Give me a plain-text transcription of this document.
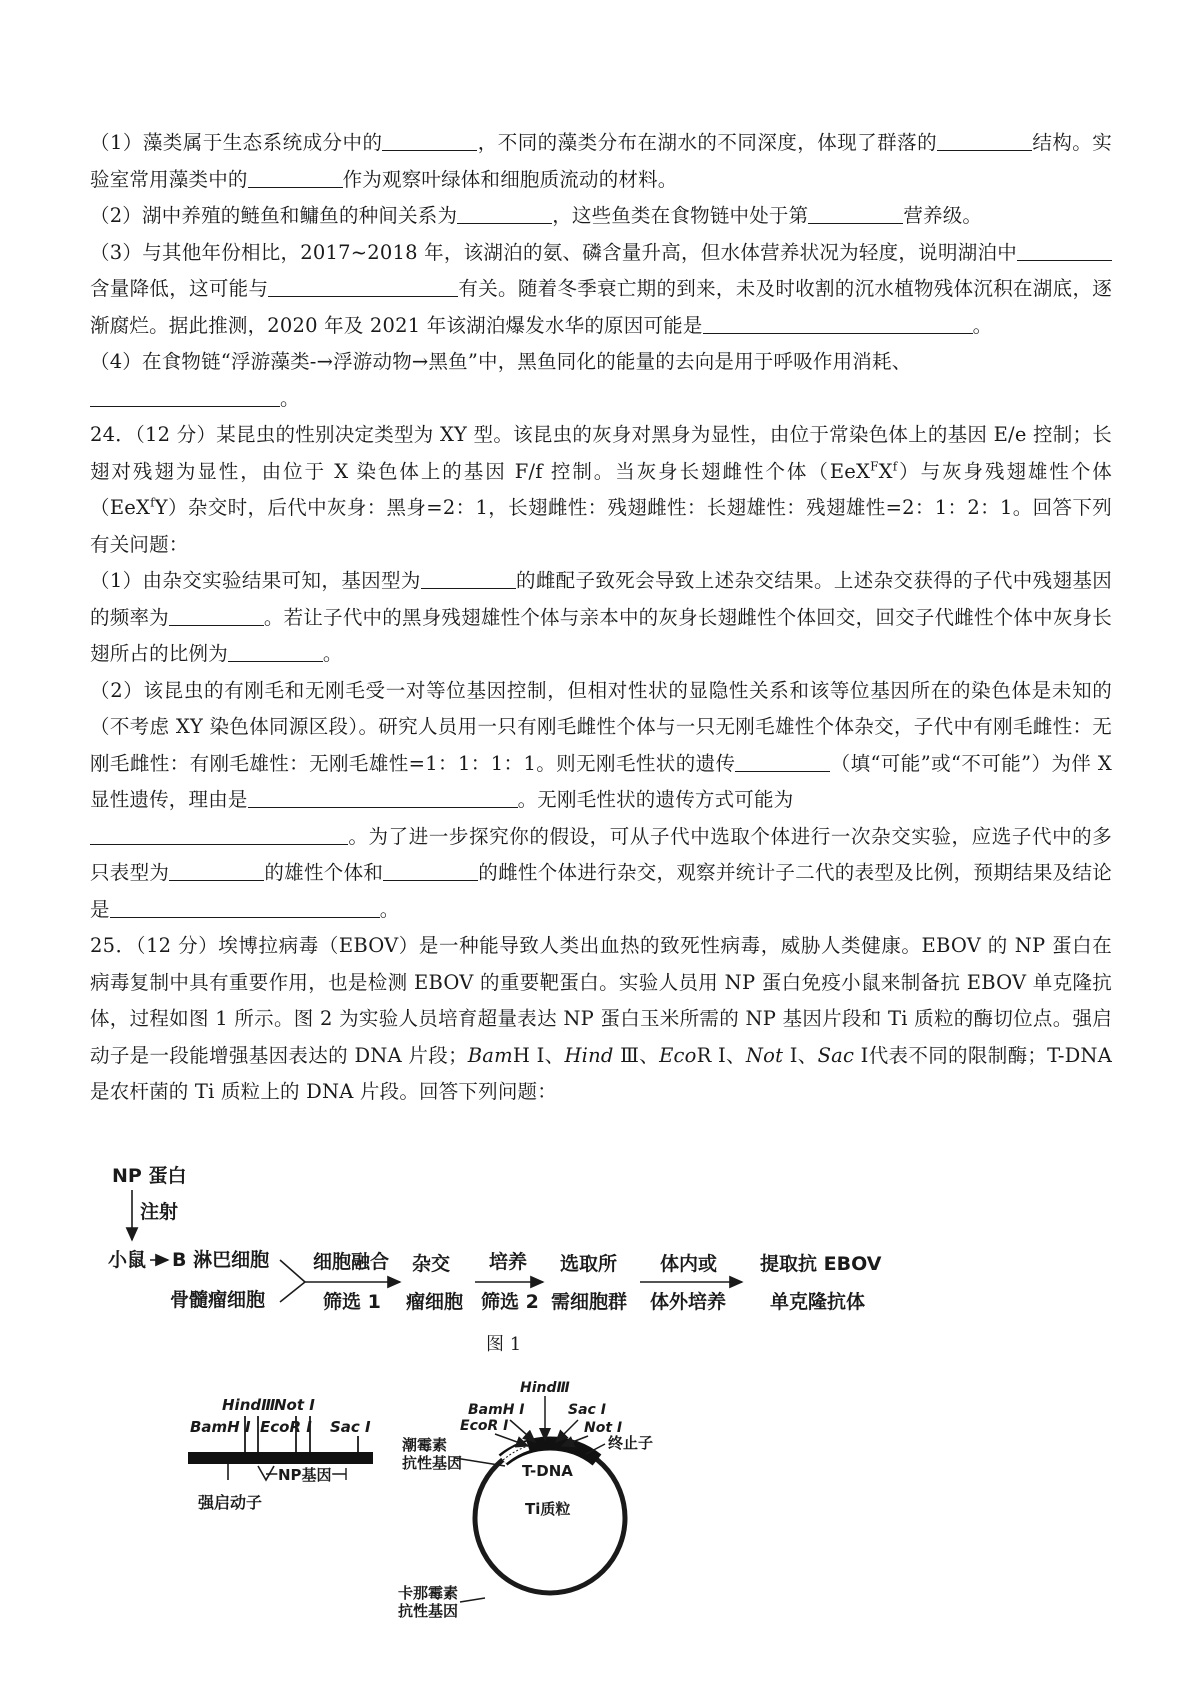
（1）藻类属于生态系统成分中的	，不同的藻类分布在湖水的不同深度，体现了群落的	结构。实验室常用藻类中的	作为观察叶绿体和细胞质流动的材料。

（2）湖中养殖的鲢鱼和鳙鱼的种间关系为	，这些鱼类在食物链中处于第	营养级。

（3）与其他年份相比，2017~2018 年，该湖泊的氨、磷含量升高，但水体营养状况为轻度，说明湖泊中含量降低，这可能与	有关。随着冬季衰亡期的到来，未及时收割的沉水植物残体沉积在湖底，逐渐腐烂。据此推测，2020 年及 2021 年该湖泊爆发水华的原因可能是	。

（4）在食物链“浮游藻类-→浮游动物→黑鱼”中，黑鱼同化的能量的去向是用于呼吸作用消耗、
。

24．（12 分）某昆虫的性别决定类型为 XY 型。该昆虫的灰身对黑身为显性，由位于常染色体上的基因 E/e 控制；长翅对残翅为显性，由位于 X 染色体上的基因 F/f 控制。当灰身长翅雌性个体$(EeX^FX^f)$与灰身残翅雄性个体（EeX$^f$Y）杂交时，后代中灰身：黑身=2：1，长翅雌性：残翅雌性：长翅雄性：残翅雄性=2：1：2：1。回答下列有关问题：

（1）由杂交实验结果可知，基因型为	的雌配子致死会导致上述杂交结果。上述杂交获得的子代中残翅基因的频率为	。若让子代中的黑身残翅雄性个体与亲本中的灰身长翅雌性个体回交，回交子代雌性个体中灰身长翅所占的比例为	。

（2）该昆虫的有刚毛和无刚毛受一对等位基因控制，但相对性状的显隐性关系和该等位基因所在的染色体是未知的（不考虑 XY 染色体同源区段）。研究人员用一只有刚毛雌性个体与一只无刚毛雄性个体杂交，子代中有刚毛雌性：无刚毛雌性：有刚毛雄性：无刚毛雄性=1：1：1：1。则无刚毛性状的遗传	（填“可能”或“不可能”）为伴 X 显性遗传，理由是	。无刚毛性状的遗传方式可能为
。为了进一步探究你的假设，可从子代中选取个体进行一次杂交实验，应选子代中的多只表型为	的雄性个体和	的雌性个体进行杂交，观察并统计子二代的表型及比例，预期结果及结论是	。

25．（12 分）埃博拉病毒（EBOV）是一种能导致人类出血热的致死性病毒，威胁人类健康。EBOV 的 NP 蛋白在病毒复制中具有重要作用，也是检测 EBOV 的重要靶蛋白。实验人员用 NP 蛋白免疫小鼠来制备抗 EBOV 单克隆抗体，过程如图 1 所示。图 2 为实验人员培育超量表达 NP 蛋白玉米所需的 NP 基因片段和 Ti 质粒的酶切位点。强启动子是一段能增强基因表达的 DNA 片段；BamH Ⅰ、Hind Ⅲ、EcoR Ⅰ、Not Ⅰ、Sac Ⅰ代表不同的限制酶；T-DNA 是农杆菌的 Ti 质粒上的 DNA 片段。回答下列问题：

NP 蛋白
注射
小鼠 B 淋巴细胞
骨髓瘤细胞
细胞融合
筛选 1
杂交
瘤细胞
培养
筛选 2
选取所
需细胞群
体内或
体外培养
提取抗 EBOV
单克隆抗体
图 1
HindⅢ
Not Ⅰ
BamH Ⅰ EcoR Ⅰ Sac Ⅰ
NP基因
强启动子
HindⅢ
BamH Ⅰ
EcoR Ⅰ
Sac Ⅰ
Not Ⅰ
潮霉素
抗性基因
终止子
T-DNA
Ti质粒
卡那霉素
抗性基因
